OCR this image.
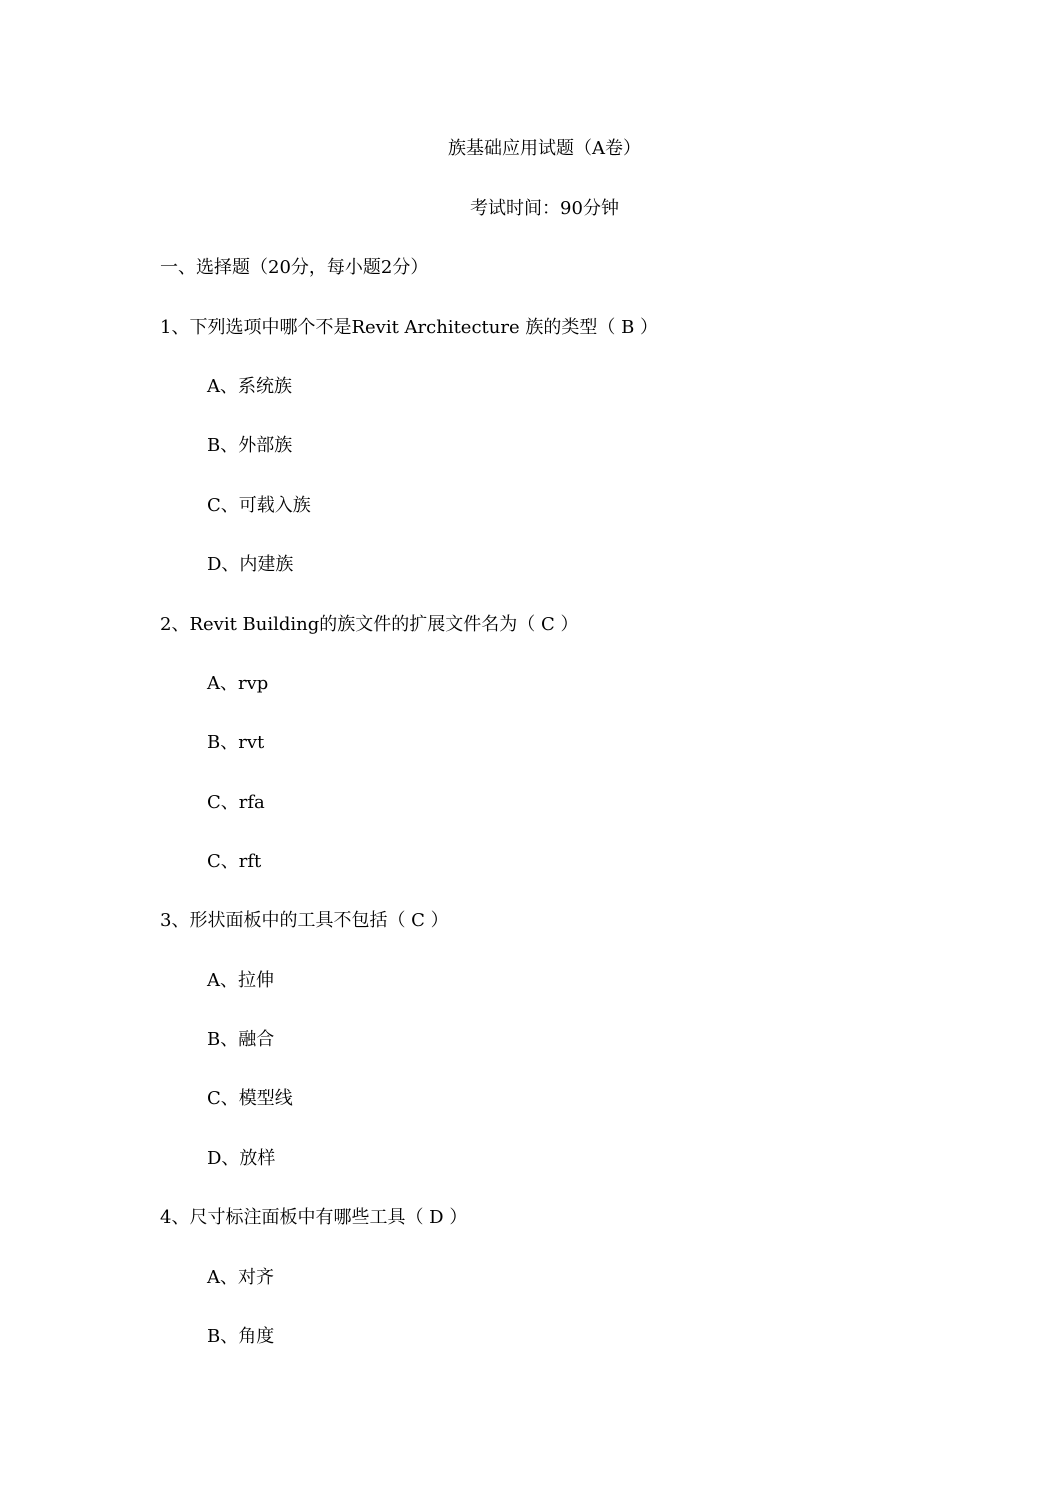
族基础应用试题（A卷）
考试时间：90分钟
一、选择题（20分，每小题2分）
1、下列选项中哪个不是Revit Architecture 族的类型（ B ）
A、系统族
B、外部族
C、可载入族
D、内建族
2、Revit Building的族文件的扩展文件名为（ C ）
A、rvp
B、rvt
C、rfa
C、rft
3、形状面板中的工具不包括（ C ）
A、拉伸
B、融合
C、模型线
D、放样
4、尺寸标注面板中有哪些工具（ D ）
A、对齐
B、角度
